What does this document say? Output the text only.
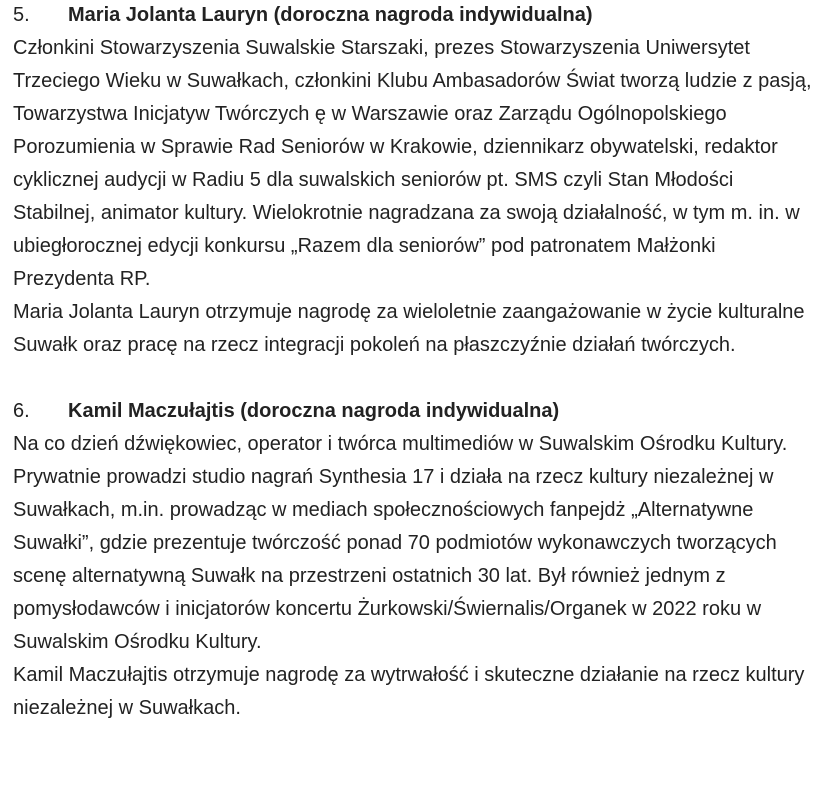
5.	Maria Jolanta Lauryn (doroczna nagroda indywidualna)

Członkini Stowarzyszenia Suwalskie Starszaki, prezes Stowarzyszenia Uniwersytet Trzeciego Wieku w Suwałkach, członkini Klubu Ambasadorów Świat tworzą ludzie z pasją, Towarzystwa Inicjatyw Twórczych ę w Warszawie oraz Zarządu Ogólnopolskiego Porozumienia w Sprawie Rad Seniorów w Krakowie, dziennikarz obywatelski, redaktor cyklicznej audycji w Radiu 5 dla suwalskich seniorów pt. SMS czyli Stan Młodości Stabilnej, animator kultury. Wielokrotnie nagradzana za swoją działalność, w tym m. in. w ubiegłorocznej edycji konkursu „Razem dla seniorów” pod patronatem Małżonki Prezydenta RP.

Maria Jolanta Lauryn otrzymuje nagrodę za wieloletnie zaangażowanie w życie kulturalne Suwałk oraz pracę na rzecz integracji pokoleń na płaszczyźnie działań twórczych.

6.	Kamil Maczułajtis (doroczna nagroda indywidualna)

Na co dzień dźwiękowiec, operator i twórca multimediów w Suwalskim Ośrodku Kultury. Prywatnie prowadzi studio nagrań Synthesia 17 i działa na rzecz kultury niezależnej w Suwałkach, m.in. prowadząc w mediach społecznościowych fanpejdż „Alternatywne Suwałki”, gdzie prezentuje twórczość ponad 70 podmiotów wykonawczych tworzących scenę alternatywną Suwałk na przestrzeni ostatnich 30 lat. Był również jednym z pomysłodawców i inicjatorów koncertu Żurkowski/Świernalis/Organek w 2022 roku w Suwalskim Ośrodku Kultury.

Kamil Maczułajtis otrzymuje nagrodę za wytrwałość i skuteczne działanie na rzecz kultury niezależnej w Suwałkach.
